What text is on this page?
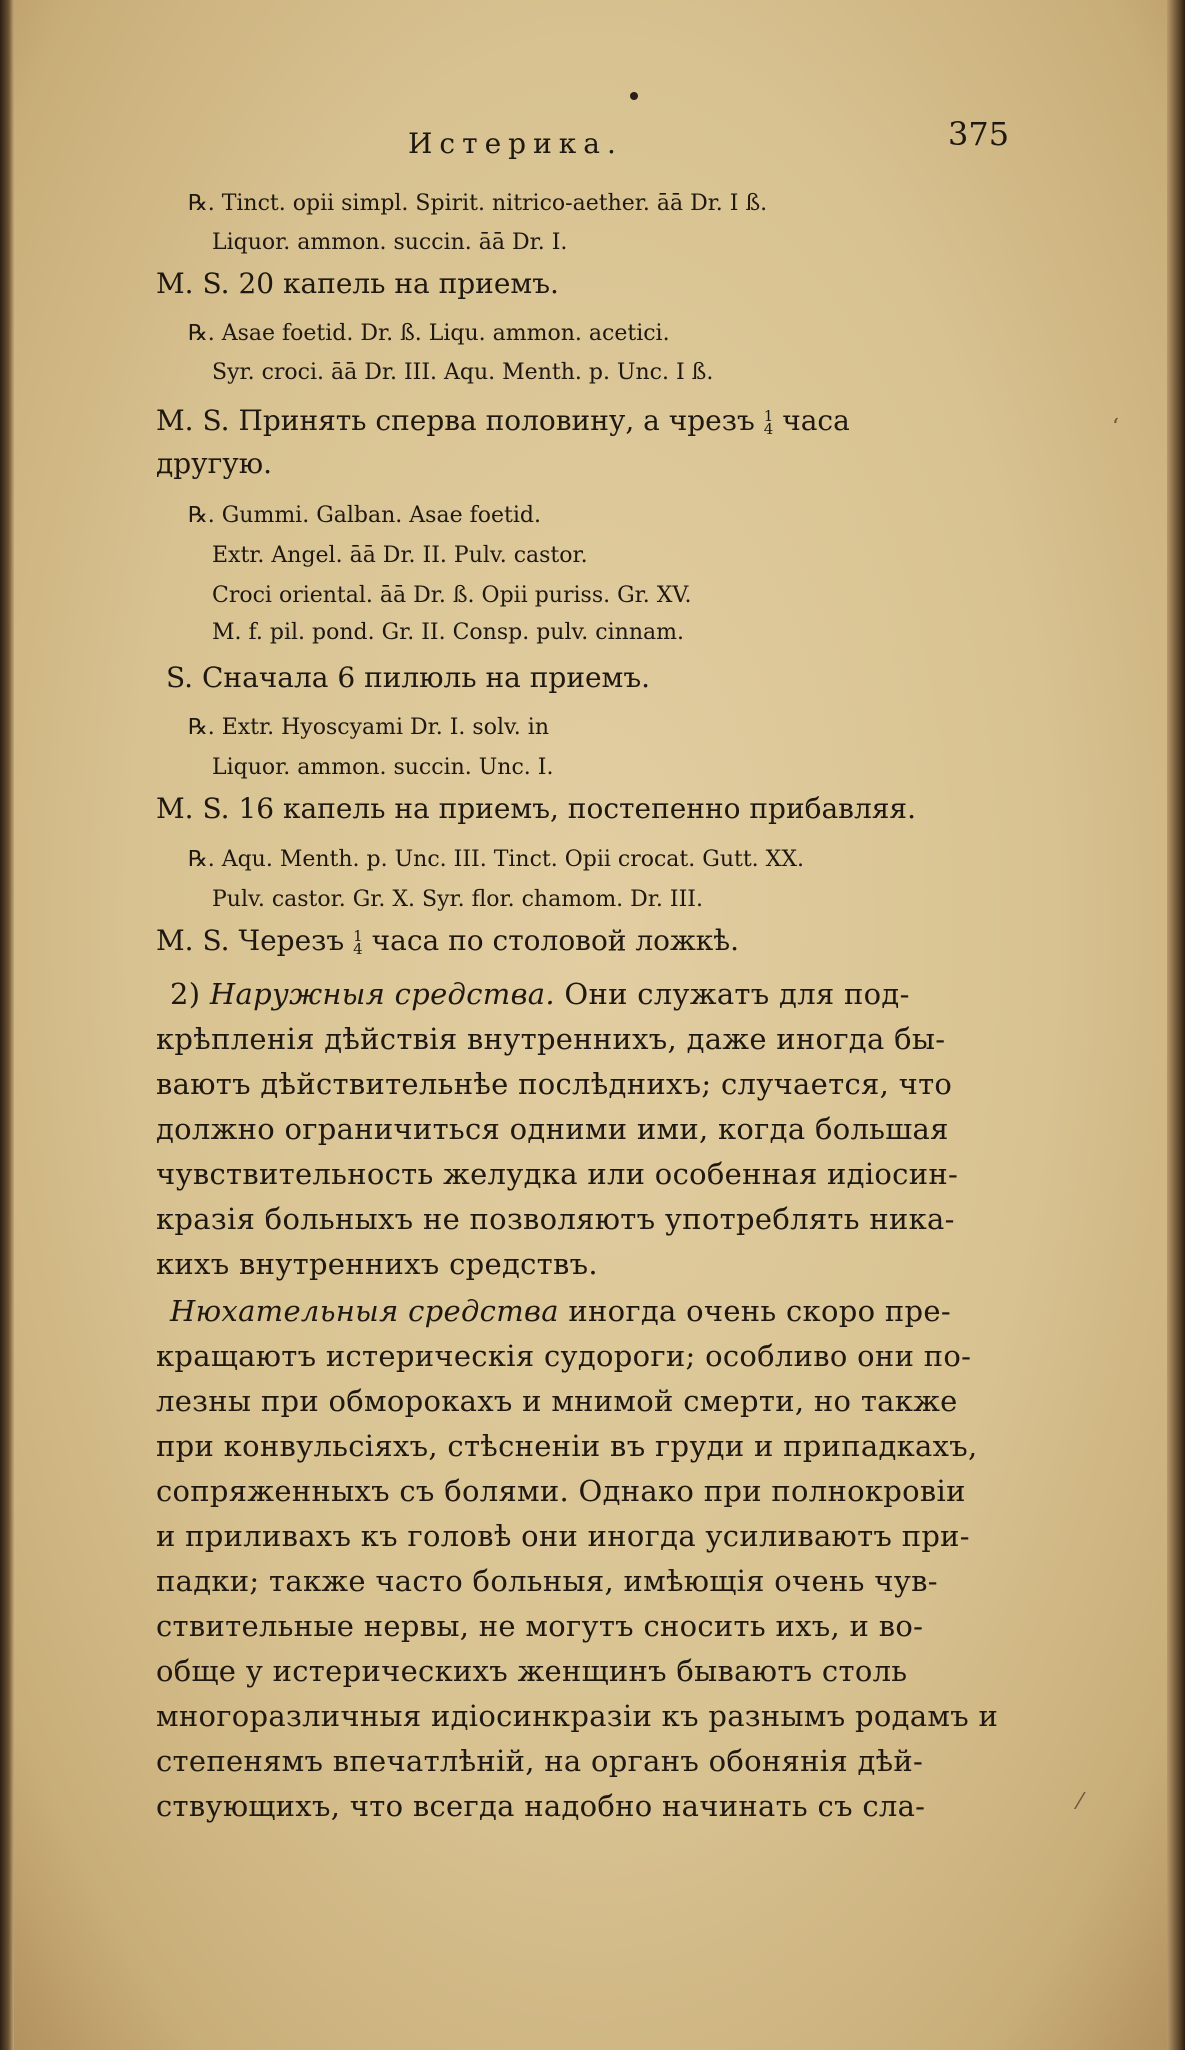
Истерика.	375
℞. Tinct. opii simpl. Spirit. nitrico-aether. āā Dr. I ß.
Liquor. ammon. succin. āā Dr. I.
M. S. 20 капель на приемъ.
℞. Asae foetid. Dr. ß. Liqu. ammon. acetici.
Syr. croci. āā Dr. III. Aqu. Menth. p. Unc. I ß.
M. S. Принять сперва половину, а чрезъ 1
4 часа
другую.
℞. Gummi. Galban. Asae foetid.
Extr. Angel. āā Dr. II. Pulv. castor.
Croci oriental. āā Dr. ß. Opii puriss. Gr. XV.
M. f. pil. pond. Gr. II. Consp. pulv. cinnam.
S. Сначала 6 пилюль на приемъ.
℞. Extr. Hyoscyami Dr. I. solv. in
Liquor. ammon. succin. Unc. I.
M. S. 16 капель на приемъ, постепенно прибавляя.
℞. Aqu. Menth. p. Unc. III. Tinct. Opii crocat. Gutt. XX.
Pulv. castor. Gr. X. Syr. flor. chamom. Dr. III.
M. S. Черезъ 1
4 часа по столовой ложкѣ.
2) Наружныя средства. Они служатъ для под-
крѣпленія дѣйствія внутреннихъ, даже иногда бы-
ваютъ дѣйствительнѣе послѣднихъ; случается, что
должно ограничиться одними ими, когда большая
чувствительность желудка или особенная идіосин-
кразія больныхъ не позволяютъ употреблять ника-
кихъ внутреннихъ средствъ.
Нюхательныя средства иногда очень скоро пре-
кращаютъ истерическія судороги; особливо они по-
лезны при обморокахъ и мнимой смерти, но также
при конвульсіяхъ, стѣсненіи въ груди и припадкахъ,
сопряженныхъ съ болями. Однако при полнокровіи
и приливахъ къ головѣ они иногда усиливаютъ при-
падки; также часто больныя, имѣющія очень чув-
ствительные нервы, не могутъ сносить ихъ, и во-
обще у истерическихъ женщинъ бываютъ столь
многоразличныя идіосинкразіи къ разнымъ родамъ и
степенямъ впечатлѣній, на органъ обонянія дѣй-
ствующихъ, что всегда надобно начинать съ сла-
‘
⁄
